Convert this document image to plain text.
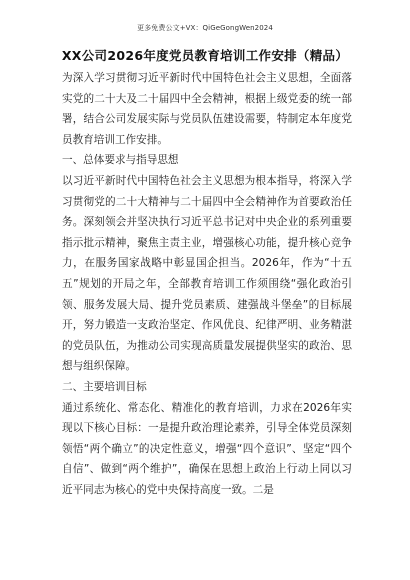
更多免费公文+VX：QiGeGongWen2024
XX公司2026年度党员教育培训工作安排（精品）

为深入学习贯彻习近平新时代中国特色社会主义思想，全面落实党的二十大及二十届四中全会精神，根据上级党委的统一部署，结合公司发展实际与党员队伍建设需要，特制定本年度党员教育培训工作安排。

一、总体要求与指导思想

以习近平新时代中国特色社会主义思想为根本指导，将深入学习贯彻党的二十大精神与二十届四中全会精神作为首要政治任务。深刻领会并坚决执行习近平总书记对中央企业的系列重要指示批示精神，聚焦主责主业，增强核心功能，提升核心竞争力，在服务国家战略中彰显国企担当。2026年，作为“十五五”规划的开局之年，全部教育培训工作须围绕“强化政治引领、服务发展大局、提升党员素质、建强战斗堡垒”的目标展开，努力锻造一支政治坚定、作风优良、纪律严明、业务精湛的党员队伍，为推动公司实现高质量发展提供坚实的政治、思想与组织保障。

二、主要培训目标

通过系统化、常态化、精准化的教育培训，力求在2026年实现以下核心目标：一是提升政治理论素养，引导全体党员深刻领悟“两个确立”的决定性意义，增强“四个意识”、坚定“四个自信”、做到“两个维护”，确保在思想上政治上行动上同以习近平同志为核心的党中央保持高度一致。二是
